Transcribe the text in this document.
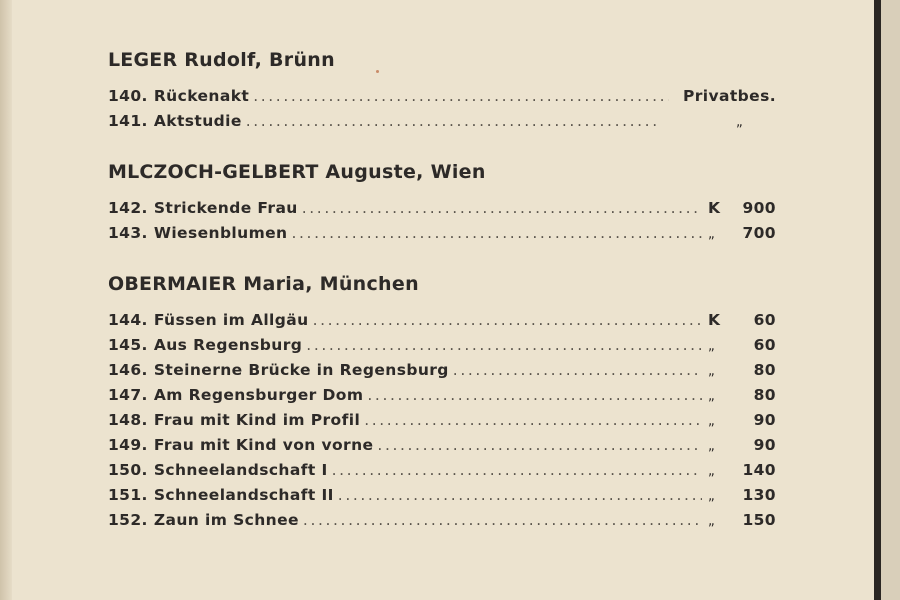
LEGER Rudolf, Brünn
140. Rückenakt .....	Privatbes.
141. Aktstudie .....	„
MLCZOCH-GELBERT Auguste, Wien
142. Strickende Frau .....	K	900
143. Wiesenblumen .....	„	700
OBERMAIER Maria, München
144. Füssen im Allgäu .....	K	60
145. Aus Regensburg .....	„	60
146. Steinerne Brücke in Regensburg .....	„	80
147. Am Regensburger Dom .....	„	80
148. Frau mit Kind im Profil .....	„	90
149. Frau mit Kind von vorne .....	„	90
150. Schneelandschaft I .....	„	140
151. Schneelandschaft II .....	„	130
152. Zaun im Schnee .....	„	150
